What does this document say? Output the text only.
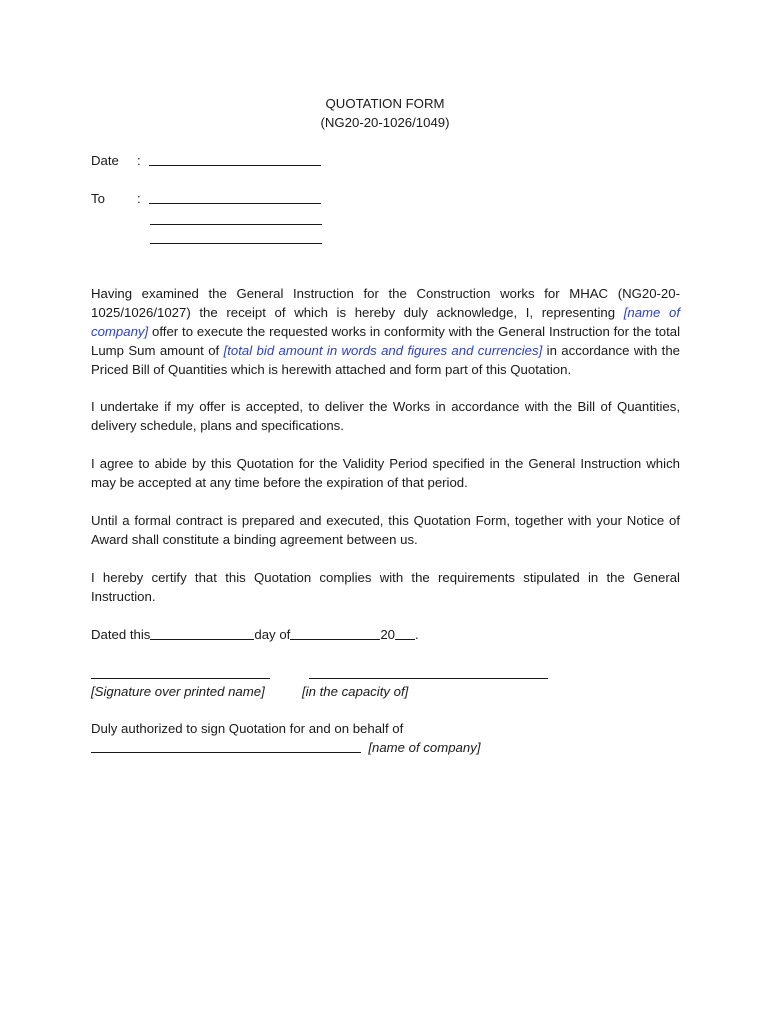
QUOTATION FORM
(NG20-20-1026/1049)
Date :
To :

Having examined the General Instruction for the Construction works for MHAC (NG20-20-1025/1026/1027) the receipt of which is hereby duly acknowledge, I, representing [name of company] offer to execute the requested works in conformity with the General Instruction for the total Lump Sum amount of [total bid amount in words and figures and currencies] in accordance with the Priced Bill of Quantities which is herewith attached and form part of this Quotation.

I undertake if my offer is accepted, to deliver the Works in accordance with the Bill of Quantities, delivery schedule, plans and specifications.

I agree to abide by this Quotation for the Validity Period specified in the General Instruction which may be accepted at any time before the expiration of that period.

Until a formal contract is prepared and executed, this Quotation Form, together with your Notice of Award shall constitute a binding agreement between us.

I hereby certify that this Quotation complies with the requirements stipulated in the General Instruction.

Dated this	day of	20 .
[Signature over printed name]	[in the capacity of]
Duly authorized to sign Quotation for and on behalf of
[name of company]
